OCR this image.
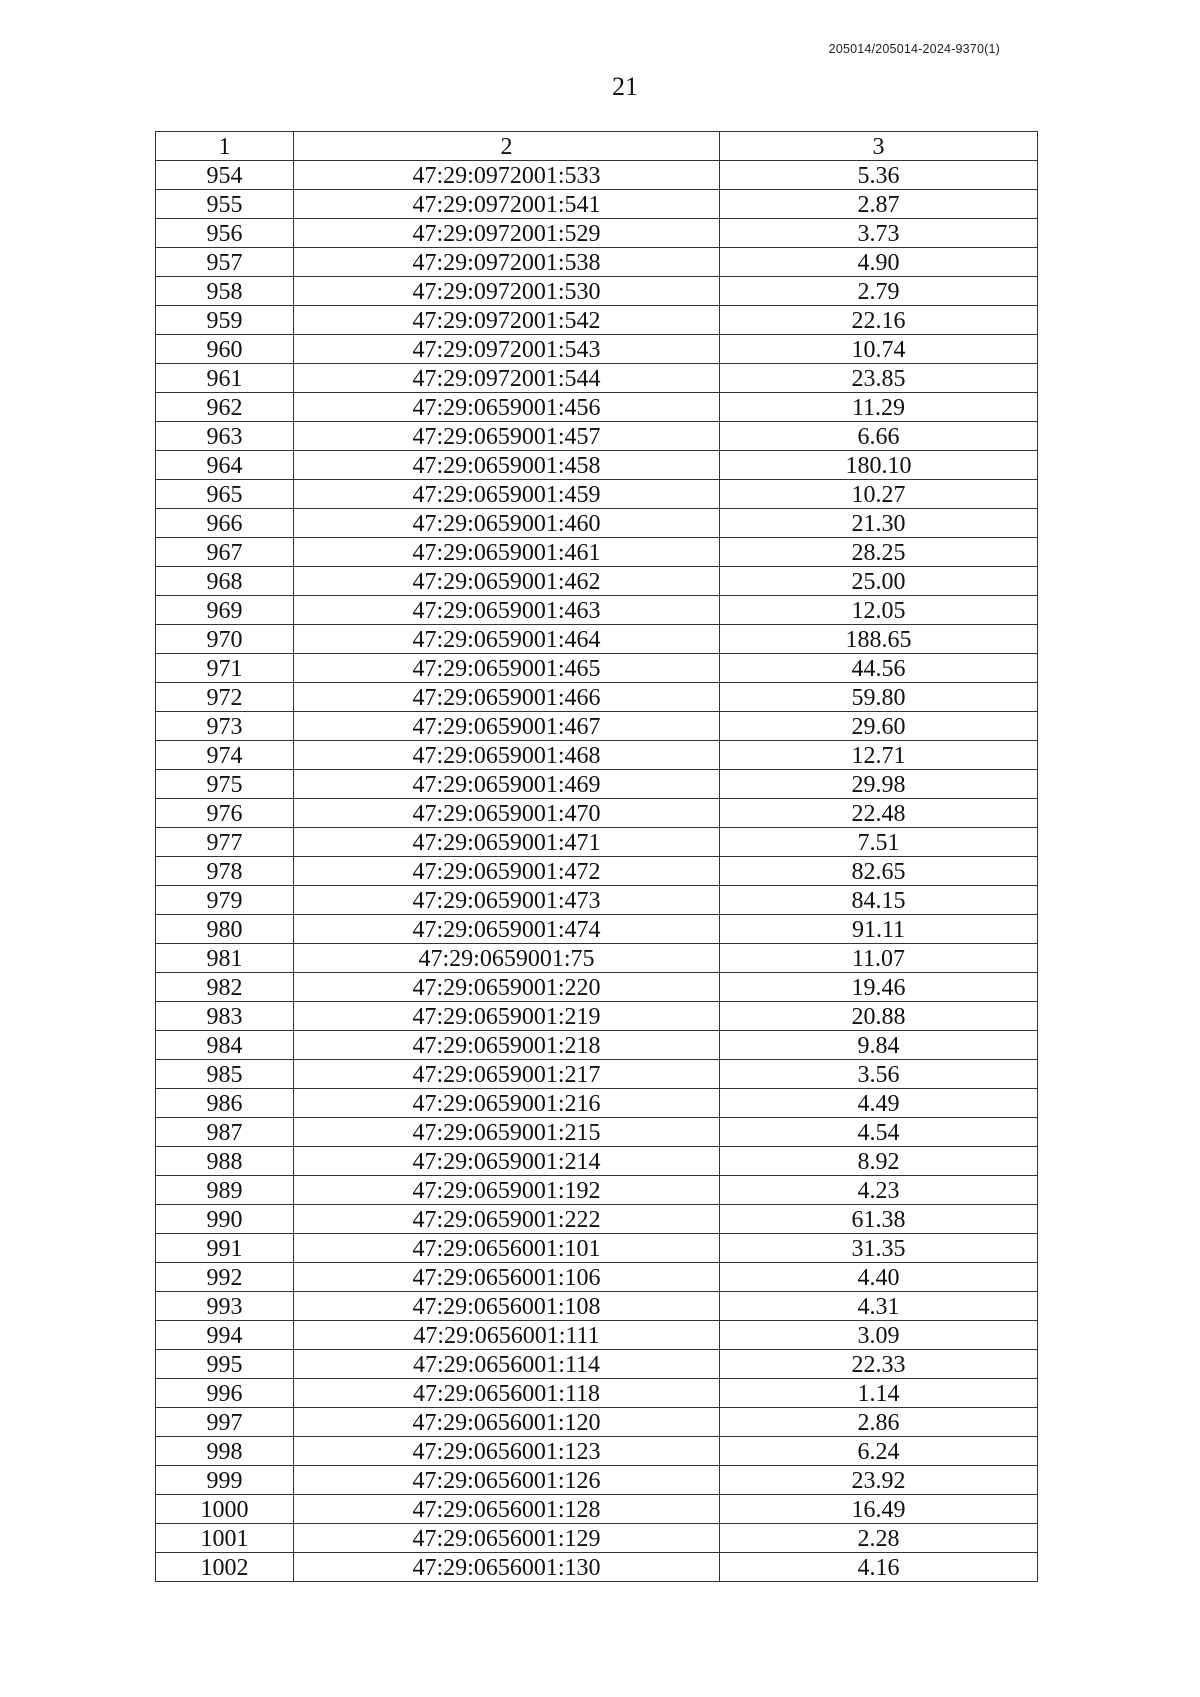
205014/205014-2024-9370(1)
21
1	2	3
954	47:29:0972001:533	5.36
955	47:29:0972001:541	2.87
956	47:29:0972001:529	3.73
957	47:29:0972001:538	4.90
958	47:29:0972001:530	2.79
959	47:29:0972001:542	22.16
960	47:29:0972001:543	10.74
961	47:29:0972001:544	23.85
962	47:29:0659001:456	11.29
963	47:29:0659001:457	6.66
964	47:29:0659001:458	180.10
965	47:29:0659001:459	10.27
966	47:29:0659001:460	21.30
967	47:29:0659001:461	28.25
968	47:29:0659001:462	25.00
969	47:29:0659001:463	12.05
970	47:29:0659001:464	188.65
971	47:29:0659001:465	44.56
972	47:29:0659001:466	59.80
973	47:29:0659001:467	29.60
974	47:29:0659001:468	12.71
975	47:29:0659001:469	29.98
976	47:29:0659001:470	22.48
977	47:29:0659001:471	7.51
978	47:29:0659001:472	82.65
979	47:29:0659001:473	84.15
980	47:29:0659001:474	91.11
981	47:29:0659001:75	11.07
982	47:29:0659001:220	19.46
983	47:29:0659001:219	20.88
984	47:29:0659001:218	9.84
985	47:29:0659001:217	3.56
986	47:29:0659001:216	4.49
987	47:29:0659001:215	4.54
988	47:29:0659001:214	8.92
989	47:29:0659001:192	4.23
990	47:29:0659001:222	61.38
991	47:29:0656001:101	31.35
992	47:29:0656001:106	4.40
993	47:29:0656001:108	4.31
994	47:29:0656001:111	3.09
995	47:29:0656001:114	22.33
996	47:29:0656001:118	1.14
997	47:29:0656001:120	2.86
998	47:29:0656001:123	6.24
999	47:29:0656001:126	23.92
1000	47:29:0656001:128	16.49
1001	47:29:0656001:129	2.28
1002	47:29:0656001:130	4.16
